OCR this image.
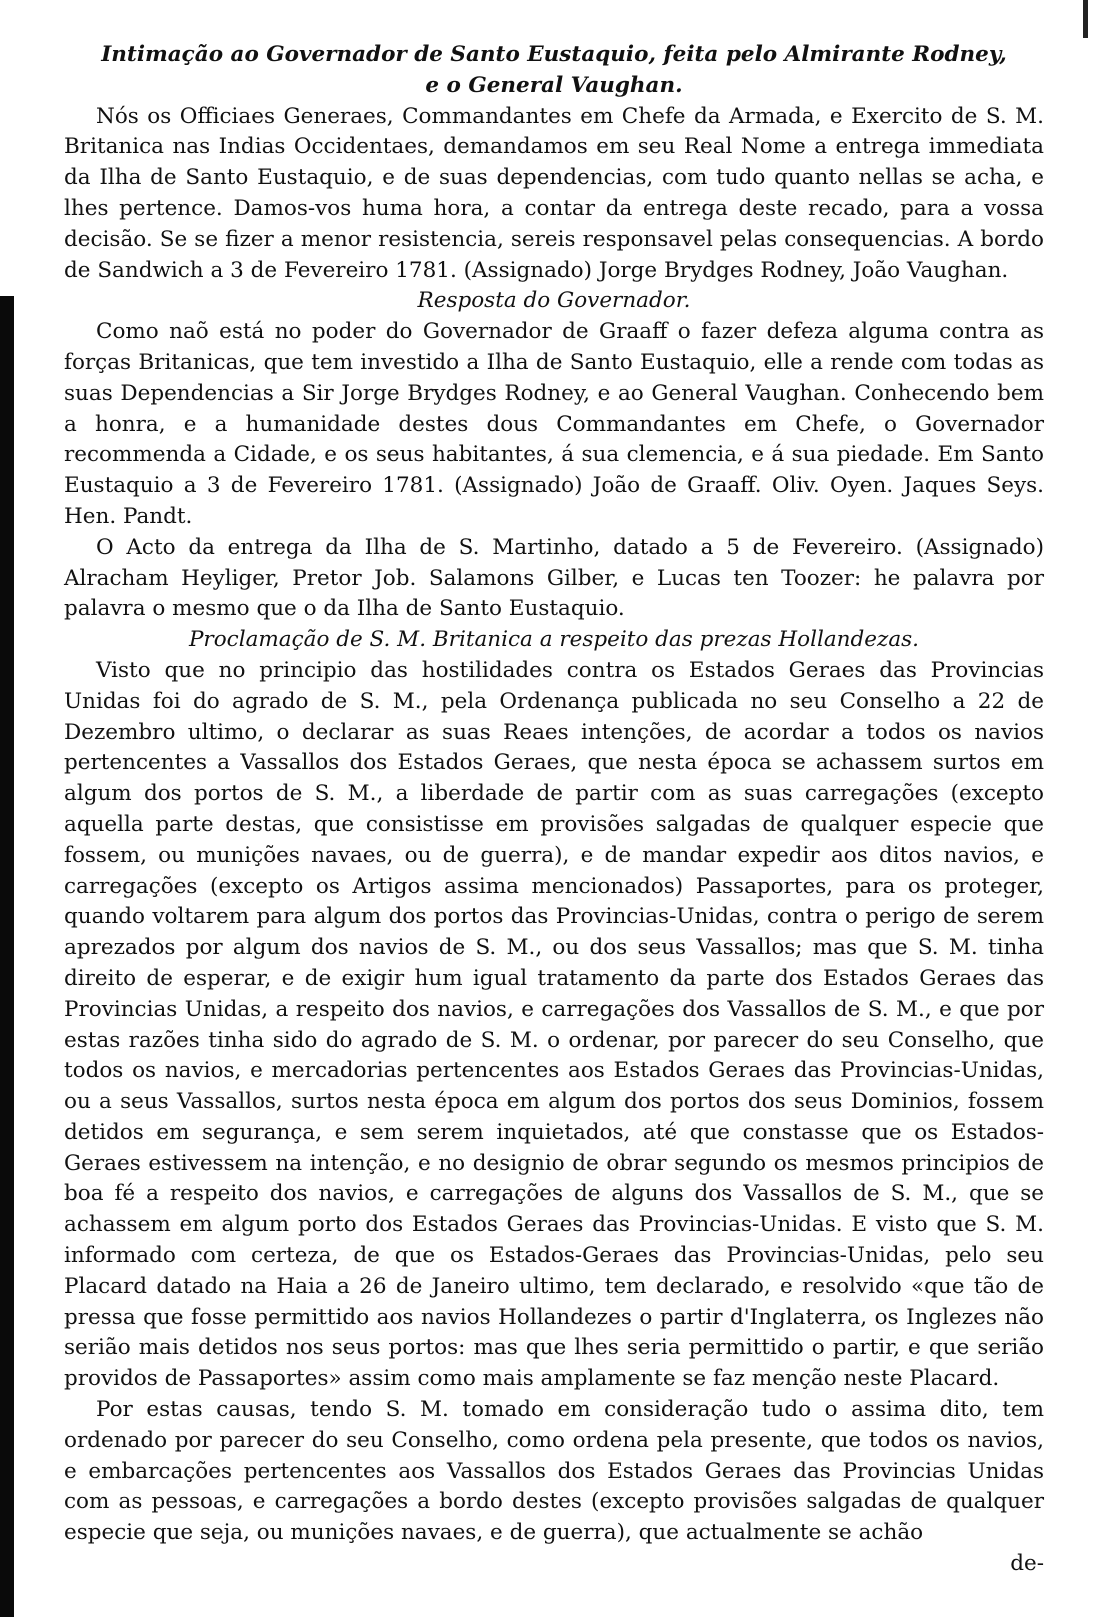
Intimação ao Governador de Santo Eustaquio, feita pelo Almirante Rodney,

e o General Vaughan.

Nós os Officiaes Generaes, Commandantes em Chefe da Armada, e Exercito de S. M. Britanica nas Indias Occidentaes, demandamos em seu Real Nome a entrega immediata da Ilha de Santo Eustaquio, e de suas dependencias, com tudo quanto nellas se acha, e lhes pertence. Damos-vos huma hora, a contar da entrega deste recado, para a vossa decisão. Se se fizer a menor resistencia, sereis responsavel pelas consequencias. A bordo de Sandwich a 3 de Fevereiro 1781. (Assignado) Jorge Brydges Rodney, João Vaughan.

Resposta do Governador.

Como naõ está no poder do Governador de Graaff o fazer defeza alguma contra as forças Britanicas, que tem investido a Ilha de Santo Eustaquio, elle a rende com todas as suas Dependencias a Sir Jorge Brydges Rodney, e ao General Vaughan. Conhecendo bem a honra, e a humanidade destes dous Commandantes em Chefe, o Governador recommenda a Cidade, e os seus habitantes, á sua clemencia, e á sua piedade. Em Santo Eustaquio a 3 de Fevereiro 1781. (Assignado) João de Graaff. Oliv. Oyen. Jaques Seys. Hen. Pandt.

O Acto da entrega da Ilha de S. Martinho, datado a 5 de Fevereiro. (Assignado) Alracham Heyliger, Pretor Job. Salamons Gilber, e Lucas ten Toozer: he palavra por palavra o mesmo que o da Ilha de Santo Eustaquio.

Proclamação de S. M. Britanica a respeito das prezas Hollandezas.

Visto que no principio das hostilidades contra os Estados Geraes das Provincias Unidas foi do agrado de S. M., pela Ordenança publicada no seu Conselho a 22 de Dezembro ultimo, o declarar as suas Reaes intenções, de acordar a todos os navios pertencentes a Vassallos dos Estados Geraes, que nesta época se achassem surtos em algum dos portos de S. M., a liberdade de partir com as suas carregações (excepto aquella parte destas, que consistisse em provisões salgadas de qualquer especie que fossem, ou munições navaes, ou de guerra), e de mandar expedir aos ditos navios, e carregações (excepto os Artigos assima mencionados) Passaportes, para os proteger, quando voltarem para algum dos portos das Provincias-Unidas, contra o perigo de serem aprezados por algum dos navios de S. M., ou dos seus Vassallos; mas que S. M. tinha direito de esperar, e de exigir hum igual tratamento da parte dos Estados Geraes das Provincias Unidas, a respeito dos navios, e carregações dos Vassallos de S. M., e que por estas razões tinha sido do agrado de S. M. o ordenar, por parecer do seu Conselho, que todos os navios, e mercadorias pertencentes aos Estados Geraes das Provincias-Unidas, ou a seus Vassallos, surtos nesta época em algum dos portos dos seus Dominios, fossem detidos em segurança, e sem serem inquietados, até que constasse que os Estados-Geraes estivessem na intenção, e no designio de obrar segundo os mesmos principios de boa fé a respeito dos navios, e carregações de alguns dos Vassallos de S. M., que se achassem em algum porto dos Estados Geraes das Provincias-Unidas. E visto que S. M. informado com certeza, de que os Estados-Geraes das Provincias-Unidas, pelo seu Placard datado na Haia a 26 de Janeiro ultimo, tem declarado, e resolvido «que tão de pressa que fosse permittido aos navios Hollandezes o partir d'Inglaterra, os Inglezes não serião mais detidos nos seus portos: mas que lhes seria permittido o partir, e que serião providos de Passaportes» assim como mais amplamente se faz menção neste Placard.

Por estas causas, tendo S. M. tomado em consideração tudo o assima dito, tem ordenado por parecer do seu Conselho, como ordena pela presente, que todos os navios, e embarcações pertencentes aos Vassallos dos Estados Geraes das Provincias Unidas com as pessoas, e carregações a bordo destes (excepto provisões salgadas de qualquer especie que seja, ou munições navaes, e de guerra), que actualmente se achão

de-
